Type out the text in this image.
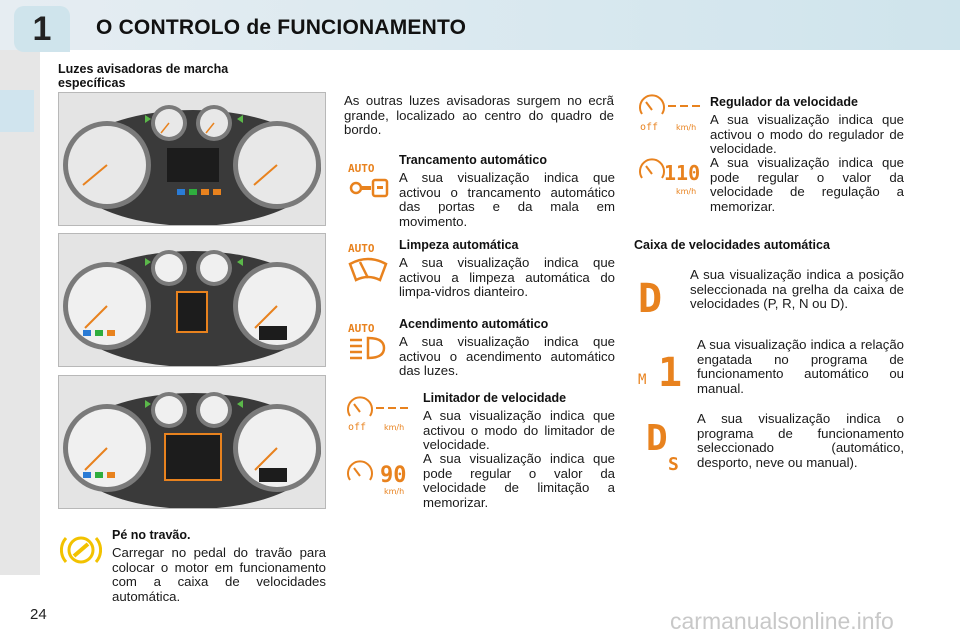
1 O CONTROLO de FUNCIONAMENTO
Luzes avisadoras de marcha específicas
Pé no travão.
Carregar no pedal do travão para colocar o motor em funcionamento com a caixa de velocidades automática.
As outras luzes avisadoras surgem no ecrã grande, localizado ao centro do quadro de bordo.
AUTO
Trancamento automático
A sua visualização indica que activou o trancamento automático das portas e da mala em movimento.
AUTO Limpeza automática
A sua visualização indica que activou a limpeza automática do limpa-vidros dianteiro.
AUTO Acendimento automático
A sua visualização indica que activou o acendimento automático das luzes.
off km/h
90
km/h
Limitador de velocidade
A sua visualização indica que activou o modo do limitador de velocidade.
A sua visualização indica que pode regular o valor da velocidade de limitação a memorizar.
off km/h
110
km/h
Regulador da velocidade
A sua visualização indica que activou o modo do regulador de velocidade.
A sua visualização indica que pode regular o valor da velocidade de regulação a memorizar.
Caixa de velocidades automática
D
A sua visualização indica a posição seleccionada na grelha da caixa de velocidades (P, R, N ou D).
M 1
A sua visualização indica a relação engatada no programa de funcionamento automático ou manual.
D
S
A sua visualização indica o programa de funcionamento seleccionado (automático, desporto, neve ou manual).
24	carmanualsonline.info
